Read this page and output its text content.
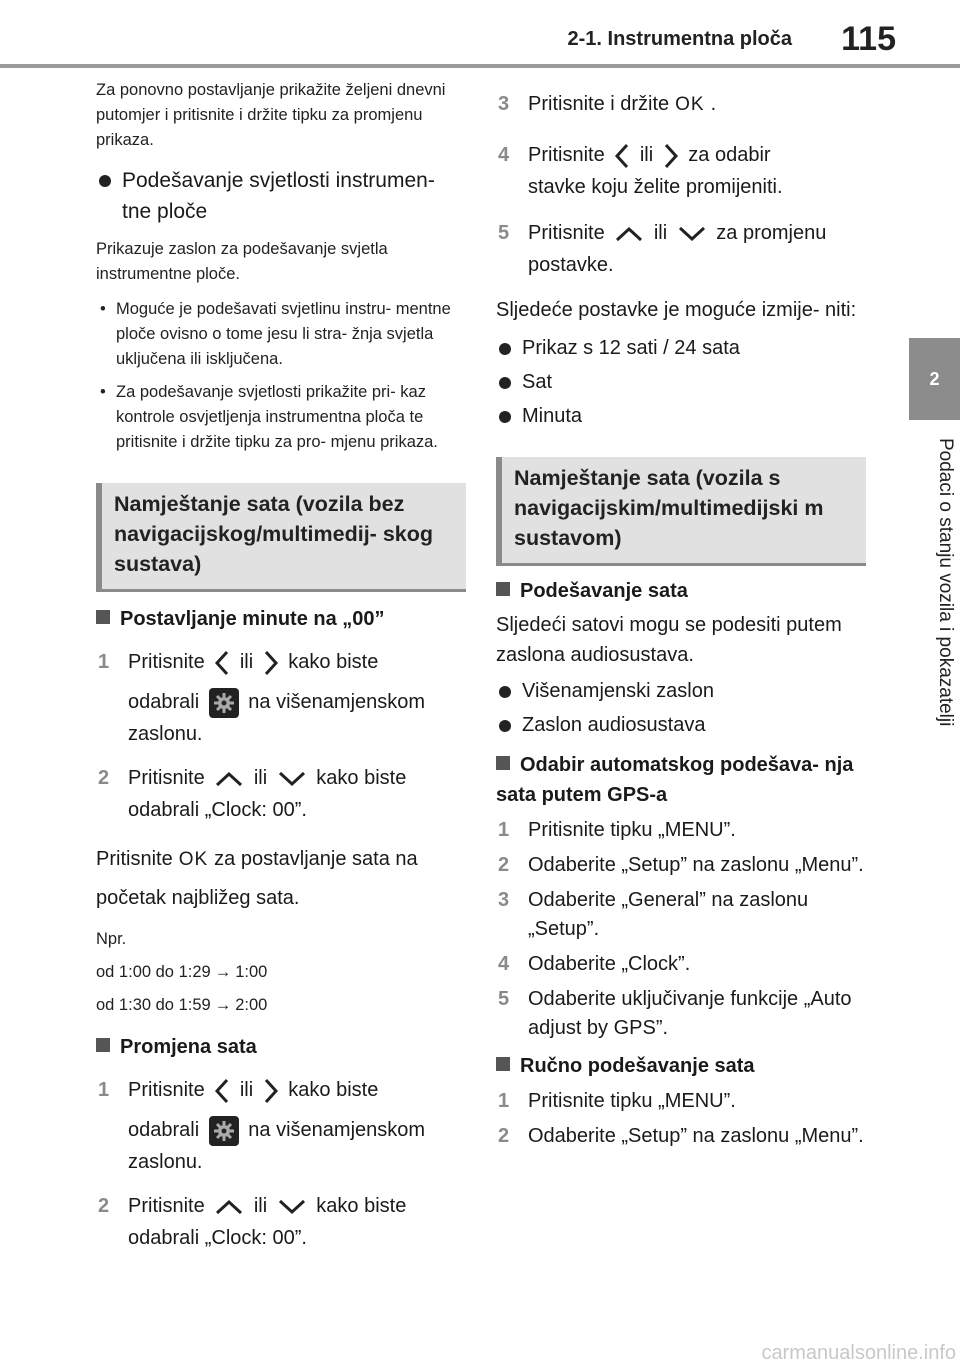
2-1. Instrumentna ploča 115
2
Podaci o stanju vozila i pokazatelji

Za ponovno postavljanje prikažite željeni dnevni putomjer i pritisnite i držite tipku za promjenu prikaza.

Podešavanje svjetlosti instrumen- tne ploče

Prikazuje zaslon za podešavanje svjetla instrumentne ploče.

• Moguće je podešavati svjetlinu instru- mentne ploče ovisno o tome jesu li stra- žnja svjetla uključena ili isključena.

• Za podešavanje svjetlosti prikažite pri- kaz kontrole osvjetljenja instrumentna ploča te pritisnite i držite tipku za pro- mjenu prikaza.

Namještanje sata (vozila bez navigacijskog/multimedij- skog sustava)

Postavljanje minute na „00”

1 Pritisnite ili kako biste
odabrali na višenamjenskom zaslonu.
2 Pritisnite ili kako biste
odabrali „Clock: 00”.

Pritisnite OK za postavljanje sata na početak najbližeg sata.

Npr.

od 1:00 do 1:29 → 1:00

od 1:30 do 1:59 → 2:00

Promjena sata

1 Pritisnite ili kako biste
odabrali na višenamjenskom zaslonu.
2 Pritisnite ili kako biste
odabrali „Clock: 00”.
3 Pritisnite i držite OK .
4 Pritisnite ili za odabir
stavke koju želite promijeniti.
5 Pritisnite ili za promjenu
postavke.

Sljedeće postavke je moguće izmije- niti:

Prikaz s 12 sati / 24 sata

Sat

Minuta

Namještanje sata (vozila s navigacijskim/multimedijski m sustavom)

Podešavanje sata

Sljedeći satovi mogu se podesiti putem zaslona audiosustava.

Višenamjenski zaslon

Zaslon audiosustava

Odabir automatskog podešava- nja sata putem GPS-a

1 Pritisnite tipku „MENU”.
2 Odaberite „Setup” na zaslonu „Menu”.
3 Odaberite „General” na zaslonu „Setup”.
4 Odaberite „Clock”.
5 Odaberite uključivanje funkcije „Auto adjust by GPS”.

Ručno podešavanje sata

1 Pritisnite tipku „MENU”.
2 Odaberite „Setup” na zaslonu „Menu”.
carmanualsonline.info
